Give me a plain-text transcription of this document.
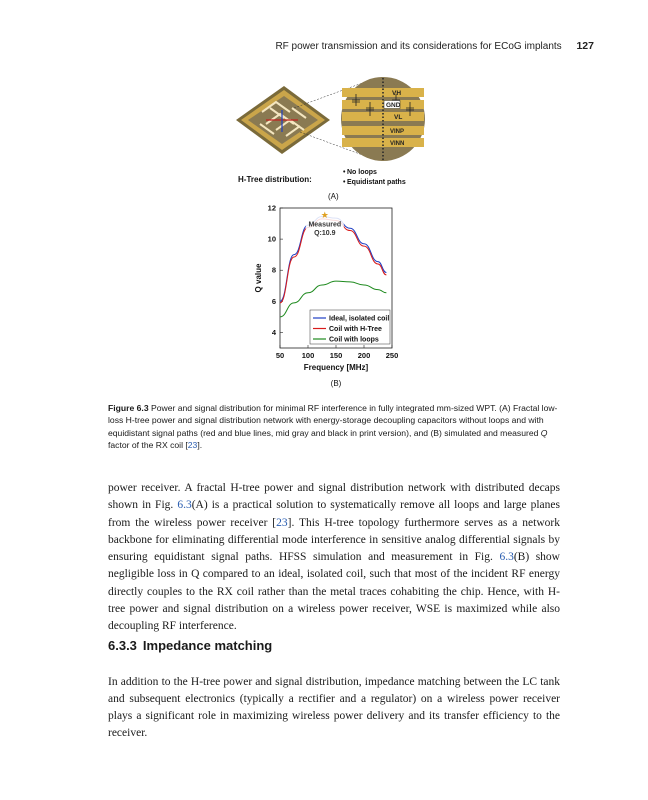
RF power transmission and its considerations for ECoG implants 127
VH
GND
VL
VINP
VINN
H-Tree distribution:
• No loops
• Equidistant paths
(A)
50 100 150 200 250
4
6
8
10
12
★
Measured
Q:10.9
Ideal, isolated coil
Coil with H-Tree
Coil with loops
Frequency [MHz]
Q value
(B)
Figure 6.3 Power and signal distribution for minimal RF interference in fully integrated mm-sized WPT. (A) Fractal low-loss H-tree power and signal distribution network with energy-storage decoupling capacitors without loops and with equidistant signal paths (red and blue lines, mid gray and black in print version), and (B) simulated and measured Q factor of the RX coil [23].

power receiver. A fractal H-tree power and signal distribution network with distributed decaps shown in Fig. 6.3(A) is a practical solution to systematically remove all loops and large planes from the wireless power receiver [23]. This H-tree topology furthermore serves as a network backbone for eliminating differential mode interference in sensitive analog differential signals by ensuring equidistant signal paths. HFSS simulation and measurement in Fig. 6.3(B) show negligible loss in Q compared to an ideal, isolated coil, such that most of the incident RF energy directly couples to the RX coil rather than the metal traces cohabiting the chip. Hence, with H-tree power and signal distribution on a wireless power receiver, WSE is maximized while also decoupling RF interference.

6.3.3 Impedance matching

In addition to the H-tree power and signal distribution, impedance matching between the LC tank and subsequent electronics (typically a rectifier and a regulator) on a wireless power receiver plays a significant role in maximizing wireless power delivery and its transfer efficiency to the receiver.
